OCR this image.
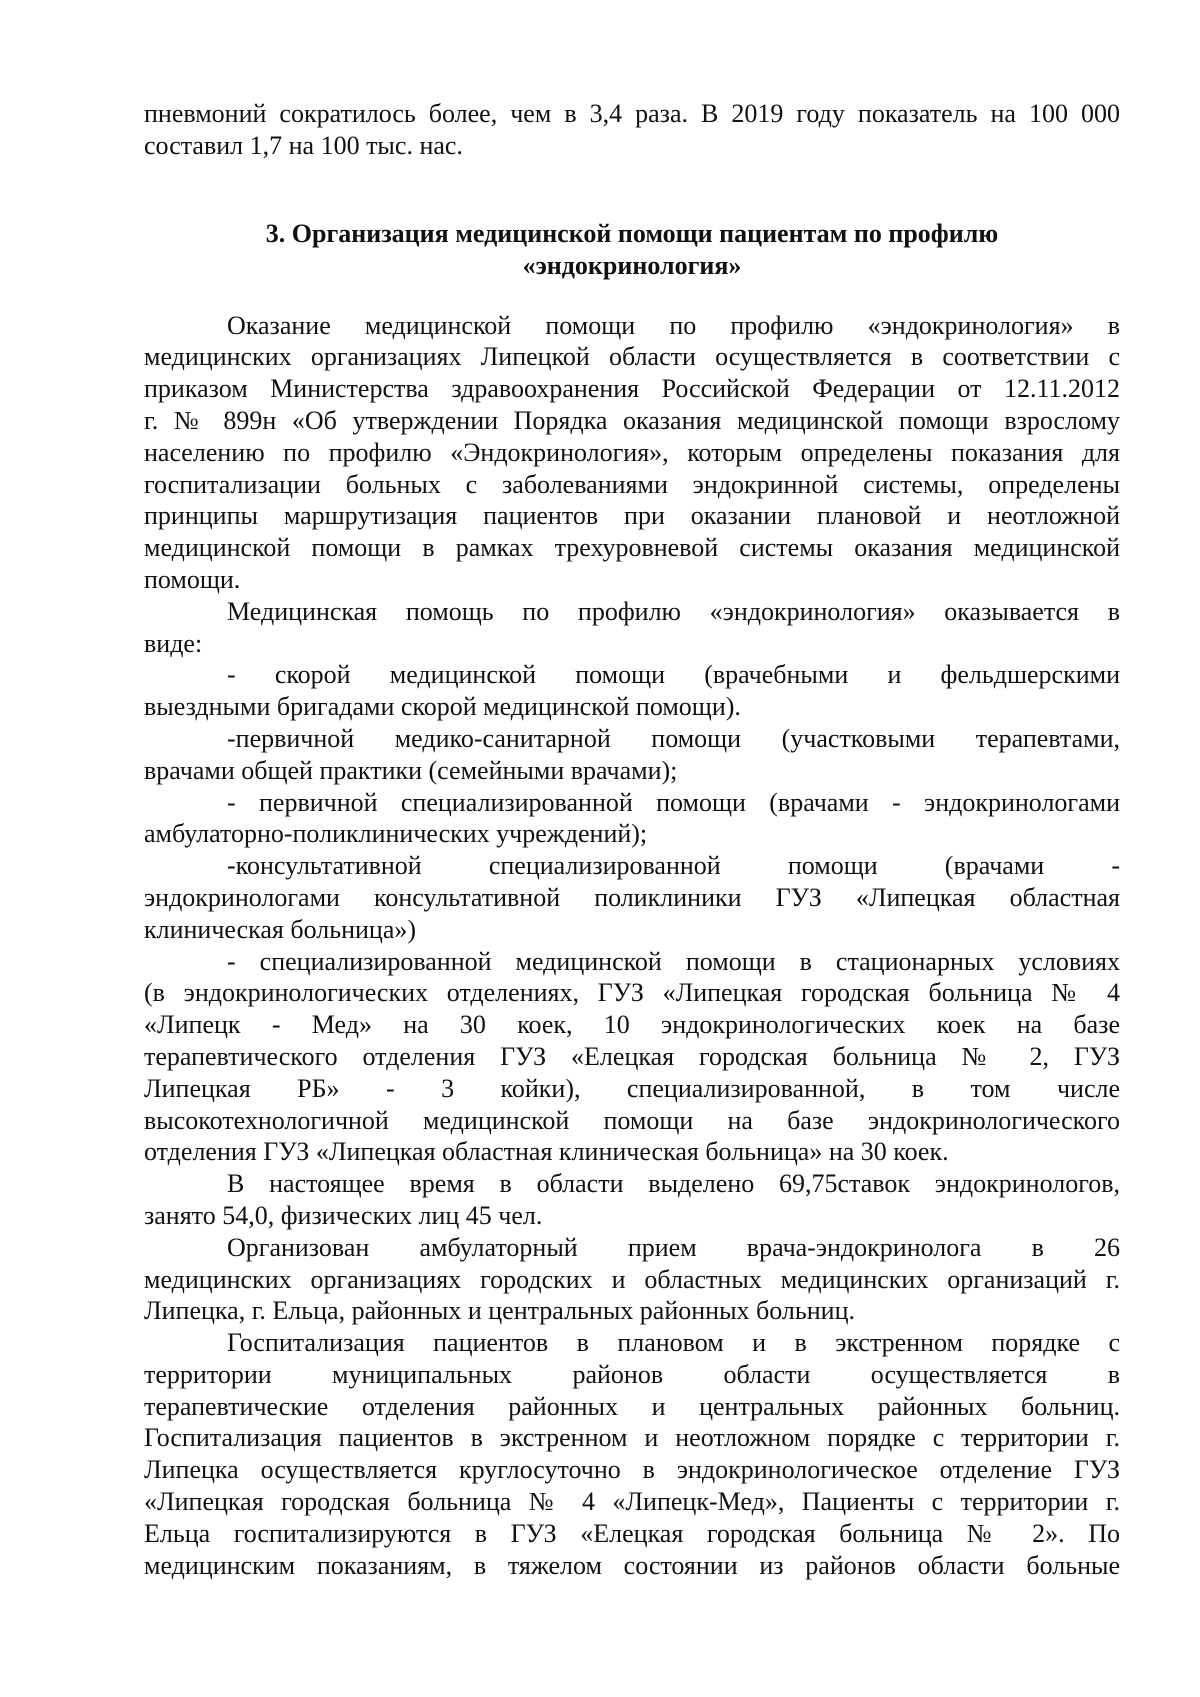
пневмоний сократилось более, чем в 3,4 раза. В 2019 году показатель на 100 000
составил 1,7 на 100 тыс. нас.
3. Организация медицинской помощи пациентам по профилю
«эндокринология»
Оказание медицинской помощи по профилю «эндокринология» в
медицинских организациях Липецкой области осуществляется в соответствии с
приказом Министерства здравоохранения Российской Федерации от 12.11.2012
г. № 899н «Об утверждении Порядка оказания медицинской помощи взрослому
населению по профилю «Эндокринология», которым определены показания для
госпитализации больных с заболеваниями эндокринной системы, определены
принципы маршрутизация пациентов при оказании плановой и неотложной
медицинской помощи в рамках трехуровневой системы оказания медицинской
помощи.
Медицинская помощь по профилю «эндокринология» оказывается в
виде:
- скорой медицинской помощи (врачебными и фельдшерскими
выездными бригадами скорой медицинской помощи).
-первичной медико-санитарной помощи (участковыми терапевтами,
врачами общей практики (семейными врачами);
- первичной специализированной помощи (врачами - эндокринологами
амбулаторно-поликлинических учреждений);
-консультативной специализированной помощи (врачами -
эндокринологами консультативной поликлиники ГУЗ «Липецкая областная
клиническая больница»)
- специализированной медицинской помощи в стационарных условиях
(в эндокринологических отделениях, ГУЗ «Липецкая городская больница № 4
«Липецк - Мед» на 30 коек, 10 эндокринологических коек на базе
терапевтического отделения ГУЗ «Елецкая городская больница № 2, ГУЗ
Липецкая РБ» - 3 койки), специализированной, в том числе
высокотехнологичной медицинской помощи на базе эндокринологического
отделения ГУЗ «Липецкая областная клиническая больница» на 30 коек.
В настоящее время в области выделено 69,75ставок эндокринологов,
занято 54,0, физических лиц 45 чел.
Организован амбулаторный прием врача-эндокринолога в 26
медицинских организациях городских и областных медицинских организаций г.
Липецка, г. Ельца, районных и центральных районных больниц.
Госпитализация пациентов в плановом и в экстренном порядке с
территории муниципальных районов области осуществляется в
терапевтические отделения районных и центральных районных больниц.
Госпитализация пациентов в экстренном и неотложном порядке с территории г.
Липецка осуществляется круглосуточно в эндокринологическое отделение ГУЗ
«Липецкая городская больница № 4 «Липецк-Мед», Пациенты с территории г.
Ельца госпитализируются в ГУЗ «Елецкая городская больница № 2». По
медицинским показаниям, в тяжелом состоянии из районов области больные
